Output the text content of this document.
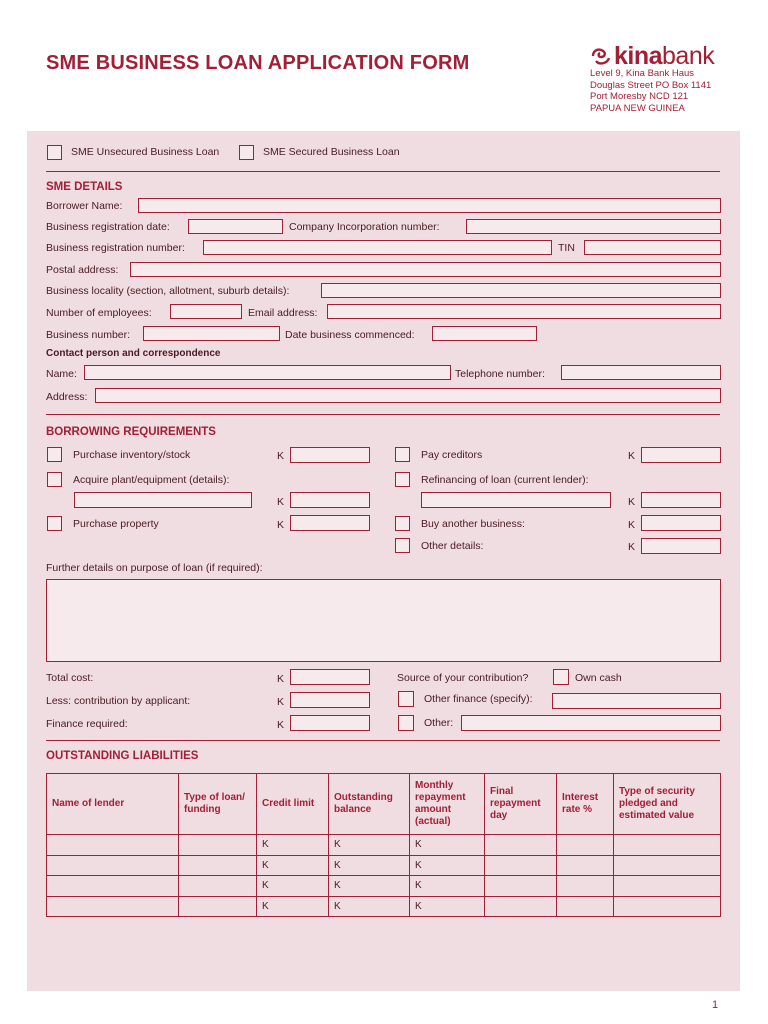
SME BUSINESS LOAN APPLICATION FORM	kina bank
Level 9, Kina Bank Haus
Douglas Street PO Box 1141
Port Moresby NCD 121
PAPUA NEW GUINEA
SME Unsecured Business Loan	SME Secured Business Loan
SME DETAILS
Borrower Name:
Business registration date:	Company Incorporation number:
Business registration number:	TIN
Postal address:
Business locality (section, allotment, suburb details):
Number of employees:	Email address:
Business number:	Date business commenced:
Contact person and correspondence
Name:	Telephone number:
Address:
BORROWING REQUIREMENTS
Purchase inventory/stock	K
Acquire plant/equipment (details):
K
Purchase property	K
Pay creditors	K
Refinancing of loan (current lender):
K
Buy another business:	K
Other details:	K
Further details on purpose of loan (if required):
Total cost:	K
Less: contribution by applicant:	K
Finance required:	K
Source of your contribution?	Own cash
Other finance (specify):
Other:
OUTSTANDING LIABILITIES
Name of lender	Type of loan/ funding	Credit limit	Outstanding balance	Monthly repayment amount (actual)	Final repayment day	Interest rate %	Type of security pledged and estimated value
		K	K	K			
		K	K	K			
		K	K	K			
		K	K	K			
1
